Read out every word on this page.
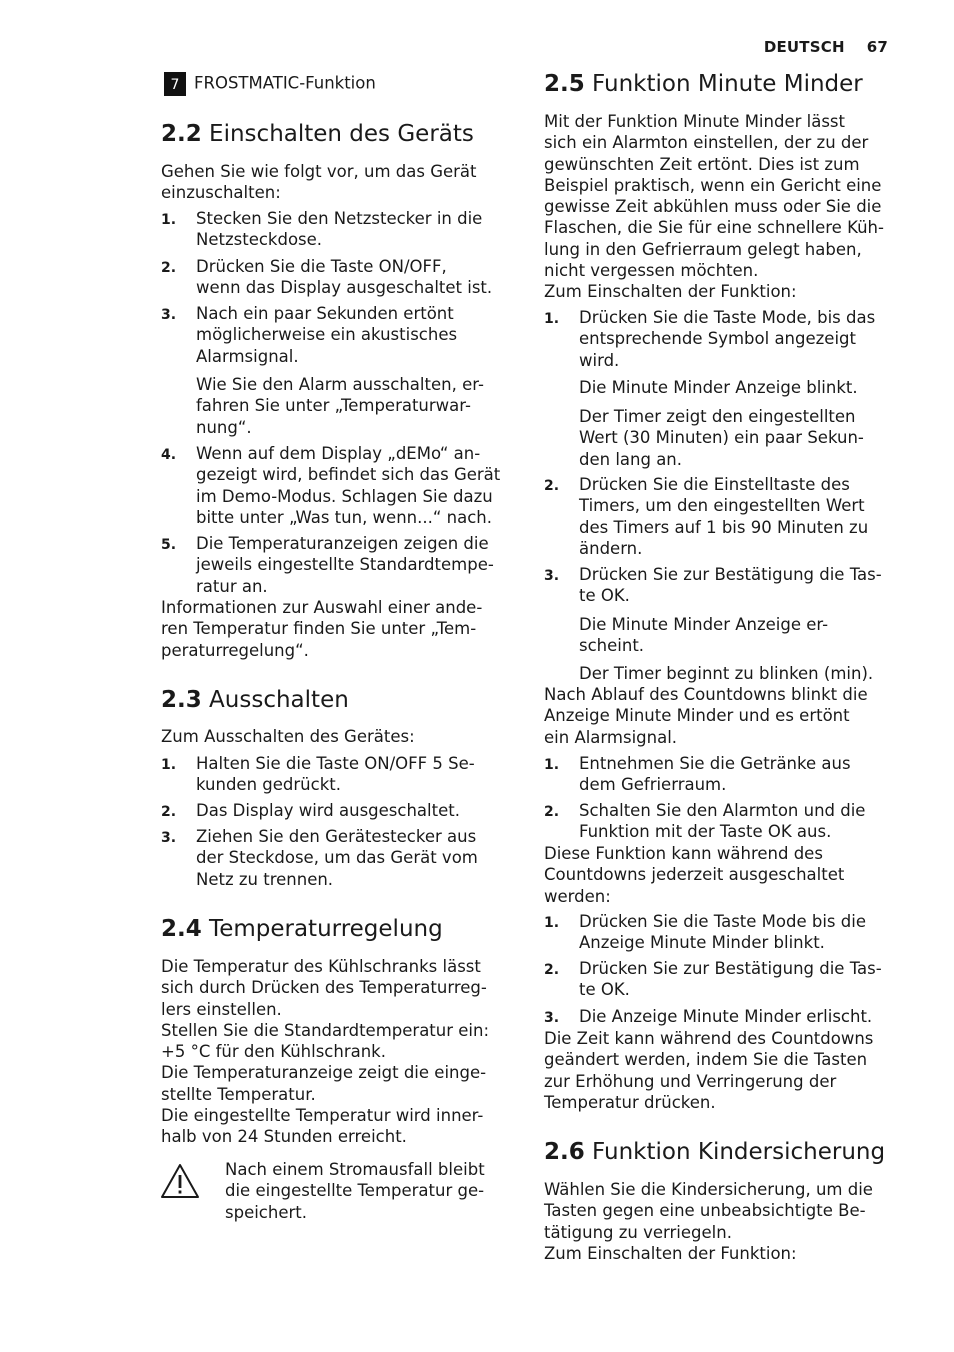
DEUTSCH 67
7 FROSTMATIC-Funktion
2.2 Einschalten des Geräts
Gehen Sie wie folgt vor, um das Gerät
einzuschalten:
1. Stecken Sie den Netzstecker in die
Netzsteckdose.
2. Drücken Sie die Taste ON/OFF,
wenn das Display ausgeschaltet ist.
3. Nach ein paar Sekunden ertönt
möglicherweise ein akustisches
Alarmsignal.
4. Wenn auf dem Display „dEMo“ an-
gezeigt wird, befindet sich das Gerät
im Demo-Modus. Schlagen Sie dazu
bitte unter „Was tun, wenn...“ nach.
5. Die Temperaturanzeigen zeigen die
jeweils eingestellte Standardtempe-
ratur an.
Wie Sie den Alarm ausschalten, er-
fahren Sie unter „Temperaturwar-
nung“.
Informationen zur Auswahl einer ande-
ren Temperatur finden Sie unter „Tem-
peraturregelung“.
2.3 Ausschalten
Zum Ausschalten des Gerätes:
1. Halten Sie die Taste ON/OFF 5 Se-
kunden gedrückt.
2. Das Display wird ausgeschaltet.
3. Ziehen Sie den Gerätestecker aus
der Steckdose, um das Gerät vom
Netz zu trennen.
2.4 Temperaturregelung
Die Temperatur des Kühlschranks lässt
sich durch Drücken des Temperaturreg-
lers einstellen.
Stellen Sie die Standardtemperatur ein:
+5 °C für den Kühlschrank.
Die Temperaturanzeige zeigt die einge-
stellte Temperatur.
Die eingestellte Temperatur wird inner-
halb von 24 Stunden erreicht.
Nach einem Stromausfall bleibt
die eingestellte Temperatur ge-
speichert.
2.5 Funktion Minute Minder
Mit der Funktion Minute Minder lässt
sich ein Alarmton einstellen, der zu der
gewünschten Zeit ertönt. Dies ist zum
Beispiel praktisch, wenn ein Gericht eine
gewisse Zeit abkühlen muss oder Sie die
Flaschen, die Sie für eine schnellere Küh-
lung in den Gefrierraum gelegt haben,
nicht vergessen möchten.
Zum Einschalten der Funktion:
1. Drücken Sie die Taste Mode, bis das
entsprechende Symbol angezeigt
wird.
2. Drücken Sie die Einstelltaste des
Timers, um den eingestellten Wert
des Timers auf 1 bis 90 Minuten zu
ändern.
3. Drücken Sie zur Bestätigung die Tas-
te OK.
Die Minute Minder Anzeige blinkt.
Der Timer zeigt den eingestellten
Wert (30 Minuten) ein paar Sekun-
den lang an.
Die Minute Minder Anzeige er-
scheint.
Der Timer beginnt zu blinken (min).
Nach Ablauf des Countdowns blinkt die
Anzeige Minute Minder und es ertönt
ein Alarmsignal.
1. Entnehmen Sie die Getränke aus
dem Gefrierraum.
2. Schalten Sie den Alarmton und die
Funktion mit der Taste OK aus.
Diese Funktion kann während des
Countdowns jederzeit ausgeschaltet
werden:
1. Drücken Sie die Taste Mode bis die
Anzeige Minute Minder blinkt.
2. Drücken Sie zur Bestätigung die Tas-
te OK.
3. Die Anzeige Minute Minder erlischt.
Die Zeit kann während des Countdowns
geändert werden, indem Sie die Tasten
zur Erhöhung und Verringerung der
Temperatur drücken.
2.6 Funktion Kindersicherung
Wählen Sie die Kindersicherung, um die
Tasten gegen eine unbeabsichtigte Be-
tätigung zu verriegeln.
Zum Einschalten der Funktion:
